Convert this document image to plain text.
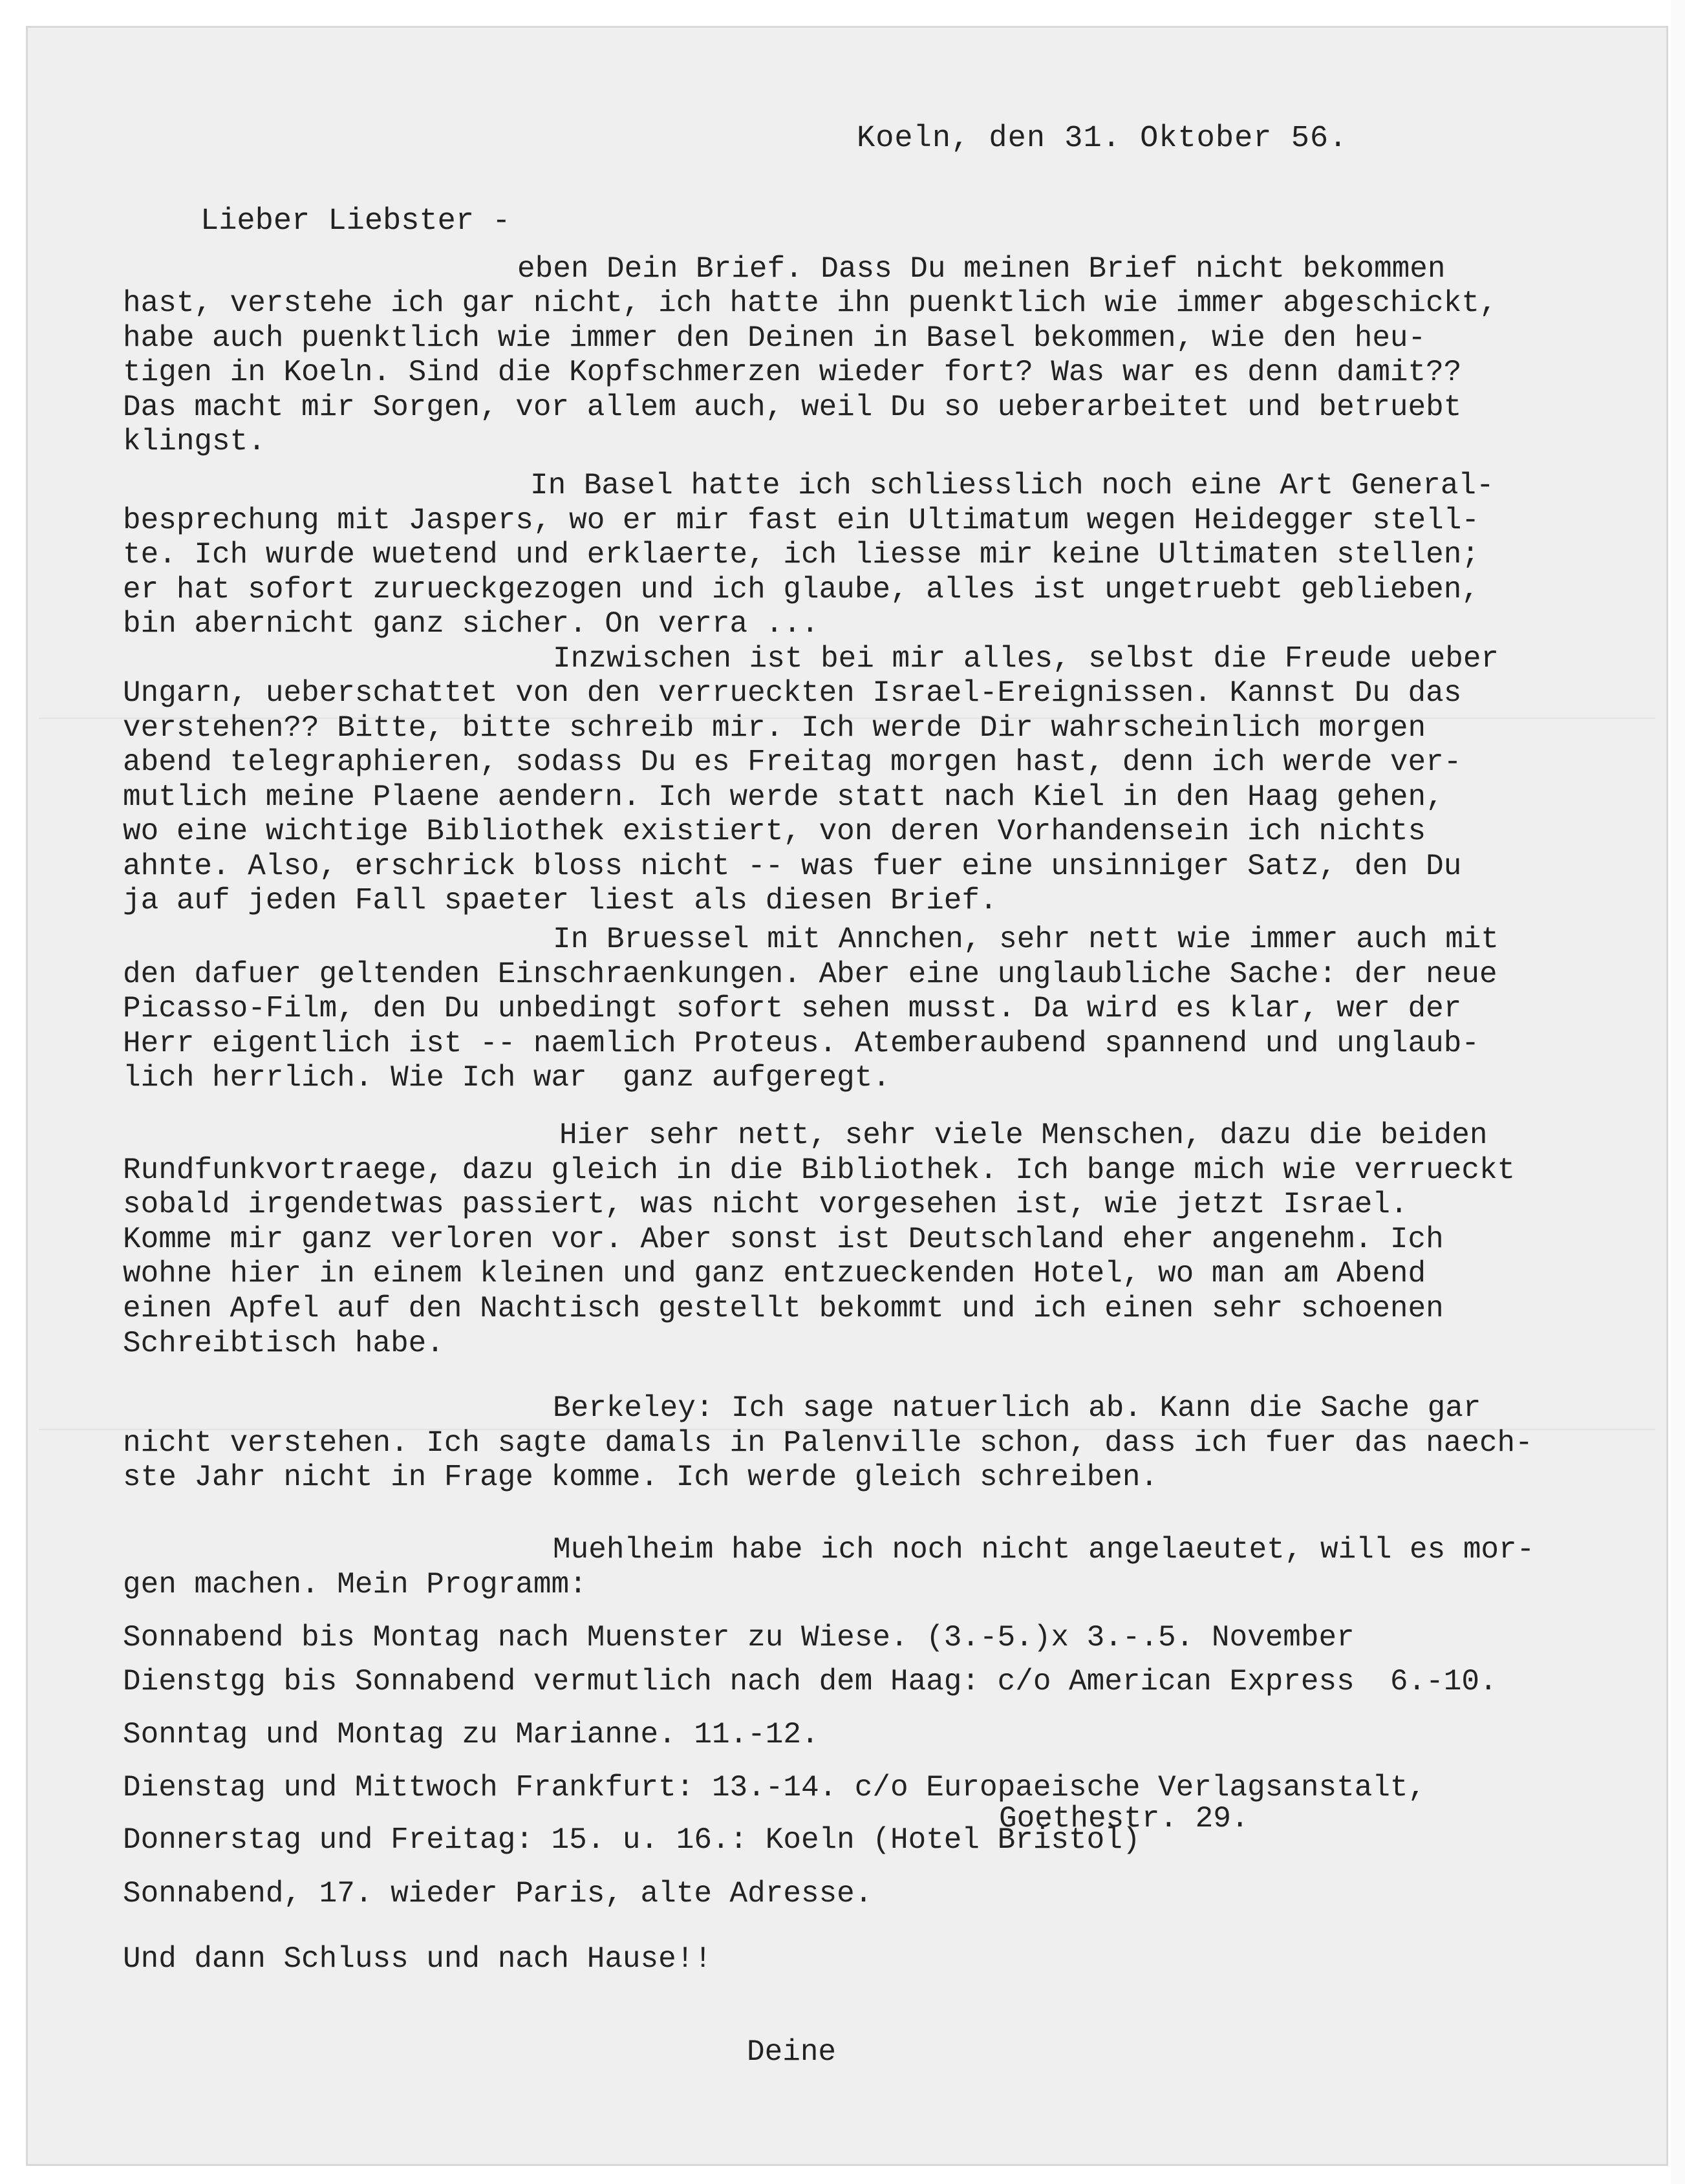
Koeln, den 31. Oktober 56.
Lieber Liebster -
eben Dein Brief. Dass Du meinen Brief nicht bekommen
hast, verstehe ich gar nicht, ich hatte ihn puenktlich wie immer abgeschickt,
habe auch puenktlich wie immer den Deinen in Basel bekommen, wie den heu-
tigen in Koeln. Sind die Kopfschmerzen wieder fort? Was war es denn damit??
Das macht mir Sorgen, vor allem auch, weil Du so ueberarbeitet und betruebt
klingst.
In Basel hatte ich schliesslich noch eine Art General-
besprechung mit Jaspers, wo er mir fast ein Ultimatum wegen Heidegger stell-
te. Ich wurde wuetend und erklaerte, ich liesse mir keine Ultimaten stellen;
er hat sofort zurueckgezogen und ich glaube, alles ist ungetruebt geblieben,
bin abernicht ganz sicher. On verra ...
Inzwischen ist bei mir alles, selbst die Freude ueber
Ungarn, ueberschattet von den verrueckten Israel-Ereignissen. Kannst Du das
verstehen?? Bitte, bitte schreib mir. Ich werde Dir wahrscheinlich morgen
abend telegraphieren, sodass Du es Freitag morgen hast, denn ich werde ver-
mutlich meine Plaene aendern. Ich werde statt nach Kiel in den Haag gehen,
wo eine wichtige Bibliothek existiert, von deren Vorhandensein ich nichts
ahnte. Also, erschrick bloss nicht -- was fuer eine unsinniger Satz, den Du
ja auf jeden Fall spaeter liest als diesen Brief.
In Bruessel mit Annchen, sehr nett wie immer auch mit
den dafuer geltenden Einschraenkungen. Aber eine unglaubliche Sache: der neue
Picasso-Film, den Du unbedingt sofort sehen musst. Da wird es klar, wer der
Herr eigentlich ist -- naemlich Proteus. Atemberaubend spannend und unglaub-
lich herrlich. Wie Ich war  ganz aufgeregt.
Hier sehr nett, sehr viele Menschen, dazu die beiden
Rundfunkvortraege, dazu gleich in die Bibliothek. Ich bange mich wie verrueckt
sobald irgendetwas passiert, was nicht vorgesehen ist, wie jetzt Israel.
Komme mir ganz verloren vor. Aber sonst ist Deutschland eher angenehm. Ich
wohne hier in einem kleinen und ganz entzueckenden Hotel, wo man am Abend
einen Apfel auf den Nachtisch gestellt bekommt und ich einen sehr schoenen
Schreibtisch habe.
Berkeley: Ich sage natuerlich ab. Kann die Sache gar
nicht verstehen. Ich sagte damals in Palenville schon, dass ich fuer das naech-
ste Jahr nicht in Frage komme. Ich werde gleich schreiben.
Muehlheim habe ich noch nicht angelaeutet, will es mor-
gen machen. Mein Programm:
Sonnabend bis Montag nach Muenster zu Wiese. (3.-5.)x 3.-.5. November
Dienstgg bis Sonnabend vermutlich nach dem Haag: c/o American Express  6.-10.
Sonntag und Montag zu Marianne. 11.-12.
Dienstag und Mittwoch Frankfurt: 13.-14. c/o Europaeische Verlagsanstalt,
Goethestr. 29.
Donnerstag und Freitag: 15. u. 16.: Koeln (Hotel Bristol)
Sonnabend, 17. wieder Paris, alte Adresse.
Und dann Schluss und nach Hause!!
Deine
